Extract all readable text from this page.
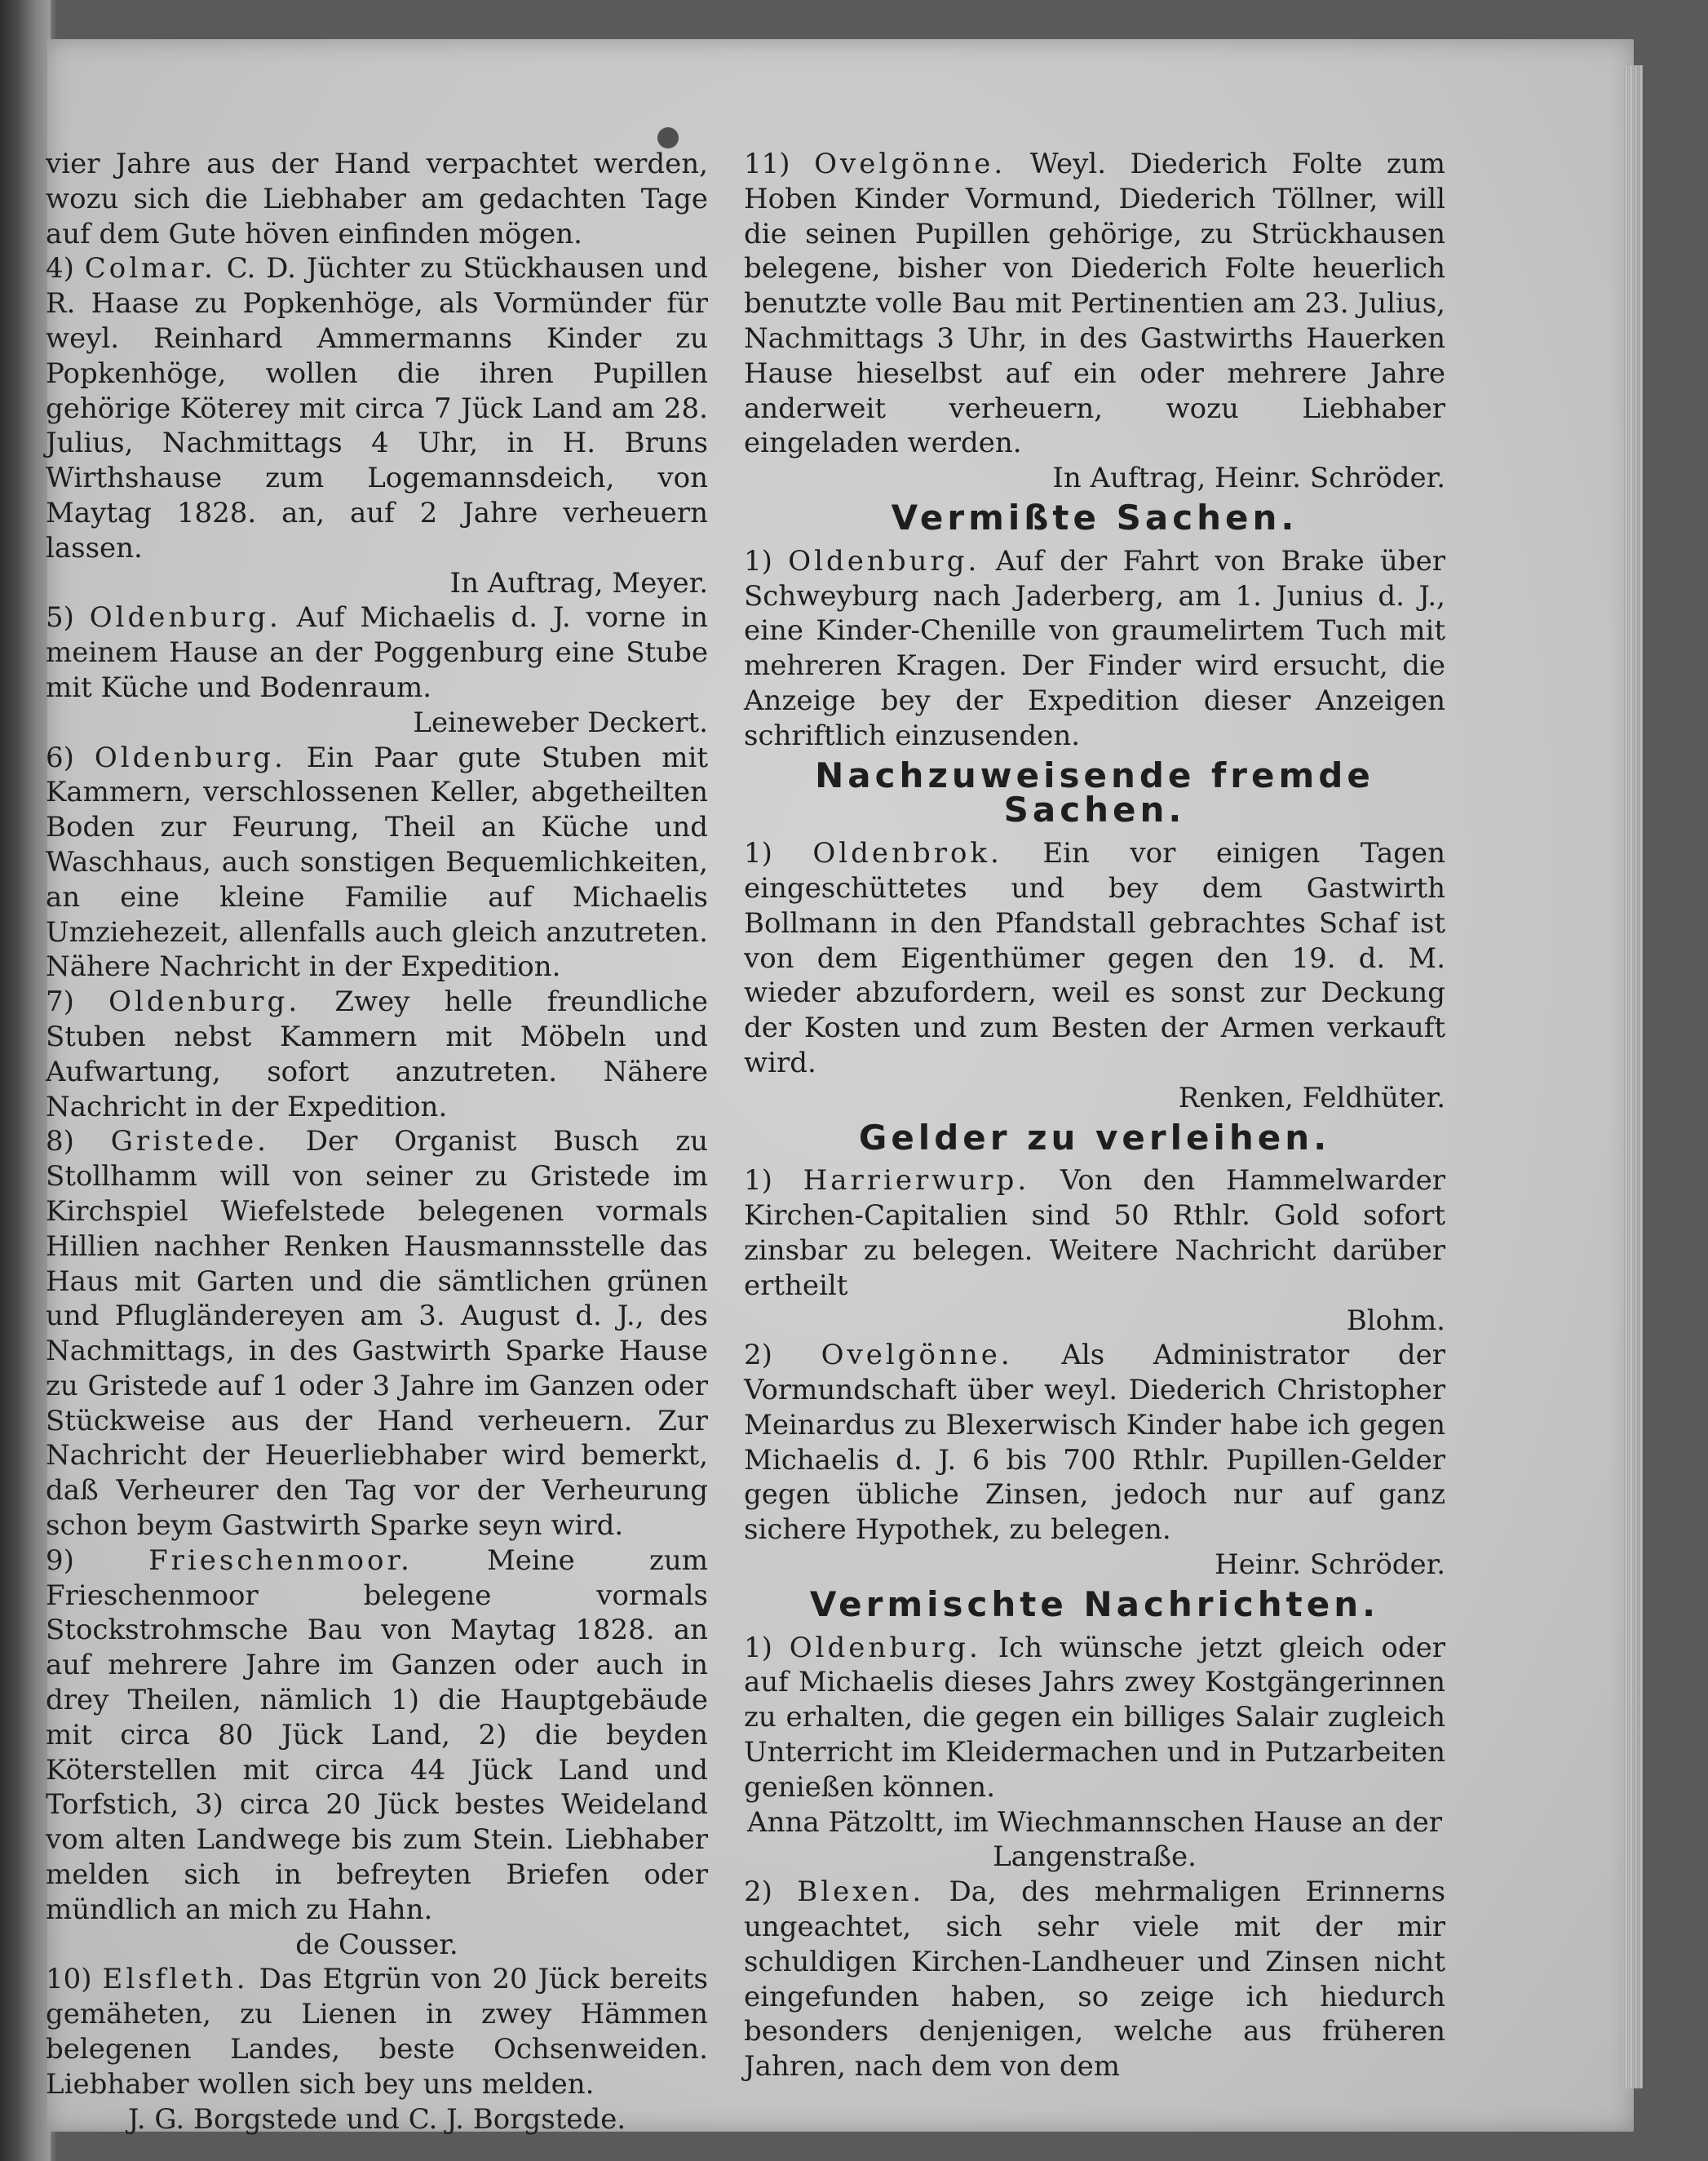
vier Jahre aus der Hand verpachtet werden, wozu sich die Liebhaber am gedachten Tage auf dem Gute höven einfinden mögen.

4) Colmar. C. D. Jüchter zu Stückhausen und R. Haase zu Popkenhöge, als Vormünder für weyl. Reinhard Ammermanns Kinder zu Popkenhöge, wollen die ihren Pupillen gehörige Köterey mit circa 7 Jück Land am 28. Julius, Nachmittags 4 Uhr, in H. Bruns Wirthshause zum Logemannsdeich, von Maytag 1828. an, auf 2 Jahre verheuern lassen.

In Auftrag, Meyer.

5) Oldenburg. Auf Michaelis d. J. vorne in meinem Hause an der Poggenburg eine Stube mit Küche und Bodenraum.

Leineweber Deckert.

6) Oldenburg. Ein Paar gute Stuben mit Kammern, verschlossenen Keller, abgetheilten Boden zur Feurung, Theil an Küche und Waschhaus, auch sonstigen Bequemlichkeiten, an eine kleine Familie auf Michaelis Umziehezeit, allenfalls auch gleich anzutreten. Nähere Nachricht in der Expedition.

7) Oldenburg. Zwey helle freundliche Stuben nebst Kammern mit Möbeln und Aufwartung, sofort anzutreten. Nähere Nachricht in der Expedition.

8) Gristede. Der Organist Busch zu Stollhamm will von seiner zu Gristede im Kirchspiel Wiefelstede belegenen vormals Hillien nachher Renken Hausmannsstelle das Haus mit Garten und die sämtlichen grünen und Pflugländereyen am 3. August d. J., des Nachmittags, in des Gastwirth Sparke Hause zu Gristede auf 1 oder 3 Jahre im Ganzen oder Stückweise aus der Hand verheuern. Zur Nachricht der Heuerliebhaber wird bemerkt, daß Verheurer den Tag vor der Verheurung schon beym Gastwirth Sparke seyn wird.

9)	Frieschenmoor.	Meine zum Frieschenmoor belegene vormals Stockstrohmsche Bau von Maytag 1828. an auf mehrere Jahre im Ganzen oder auch in drey Theilen, nämlich 1) die Hauptgebäude mit circa 80 Jück Land, 2) die beyden Köterstellen mit circa 44 Jück Land und Torfstich, 3) circa 20 Jück bestes Weideland vom alten Landwege bis zum Stein. Liebhaber melden sich in befreyten Briefen oder mündlich an mich zu Hahn.

de Cousser.

10) Elsfleth. Das Etgrün von 20 Jück bereits gemäheten, zu Lienen in zwey Hämmen belegenen Landes, beste Ochsenweiden. Liebhaber wollen sich bey uns melden.

J. G. Borgstede und C. J. Borgstede.

11) Ovelgönne. Weyl. Diederich Folte zum Hoben Kinder Vormund, Diederich Töllner, will die seinen Pupillen gehörige, zu Strückhausen belegene, bisher von Diederich Folte heuerlich benutzte volle Bau mit Pertinentien am 23. Julius, Nachmittags 3 Uhr, in des Gastwirths Hauerken Hause hieselbst auf ein oder mehrere Jahre anderweit verheuern, wozu Liebhaber eingeladen werden.

In Auftrag, Heinr. Schröder.

Vermißte Sachen.

1) Oldenburg. Auf der Fahrt von Brake über Schweyburg nach Jaderberg, am 1. Junius d. J., eine Kinder-Chenille von graumelirtem Tuch mit mehreren Kragen. Der Finder wird ersucht, die Anzeige bey der Expedition dieser Anzeigen schriftlich einzusenden.

Nachzuweisende fremde Sachen.

1) Oldenbrok. Ein vor einigen Tagen eingeschüttetes und bey dem Gastwirth Bollmann in den Pfandstall gebrachtes Schaf ist von dem Eigenthümer gegen den 19. d. M. wieder abzufordern, weil es sonst zur Deckung der Kosten und zum Besten der Armen verkauft wird.

Renken, Feldhüter.

Gelder zu verleihen.

1) Harrierwurp. Von den Hammelwarder Kirchen-Capitalien sind 50 Rthlr. Gold sofort zinsbar zu belegen. Weitere Nachricht darüber ertheilt

Blohm.

2) Ovelgönne. Als Administrator der Vormundschaft über weyl. Diederich Christopher Meinardus zu Blexerwisch Kinder habe ich gegen Michaelis d. J. 6 bis 700 Rthlr. Pupillen-Gelder gegen übliche Zinsen, jedoch nur auf ganz sichere Hypothek, zu belegen.

Heinr. Schröder.

Vermischte Nachrichten.

1) Oldenburg. Ich wünsche jetzt gleich oder auf Michaelis dieses Jahrs zwey Kostgängerinnen zu erhalten, die gegen ein billiges Salair zugleich Unterricht im Kleidermachen und in Putzarbeiten genießen können.

Anna Pätzoltt, im Wiechmannschen Hause an der Langenstraße.

2) Blexen. Da, des mehrmaligen Erinnerns ungeachtet, sich sehr viele mit der mir schuldigen Kirchen-Landheuer und Zinsen nicht eingefunden haben, so zeige ich hiedurch besonders denjenigen, welche aus früheren Jahren, nach dem von dem
